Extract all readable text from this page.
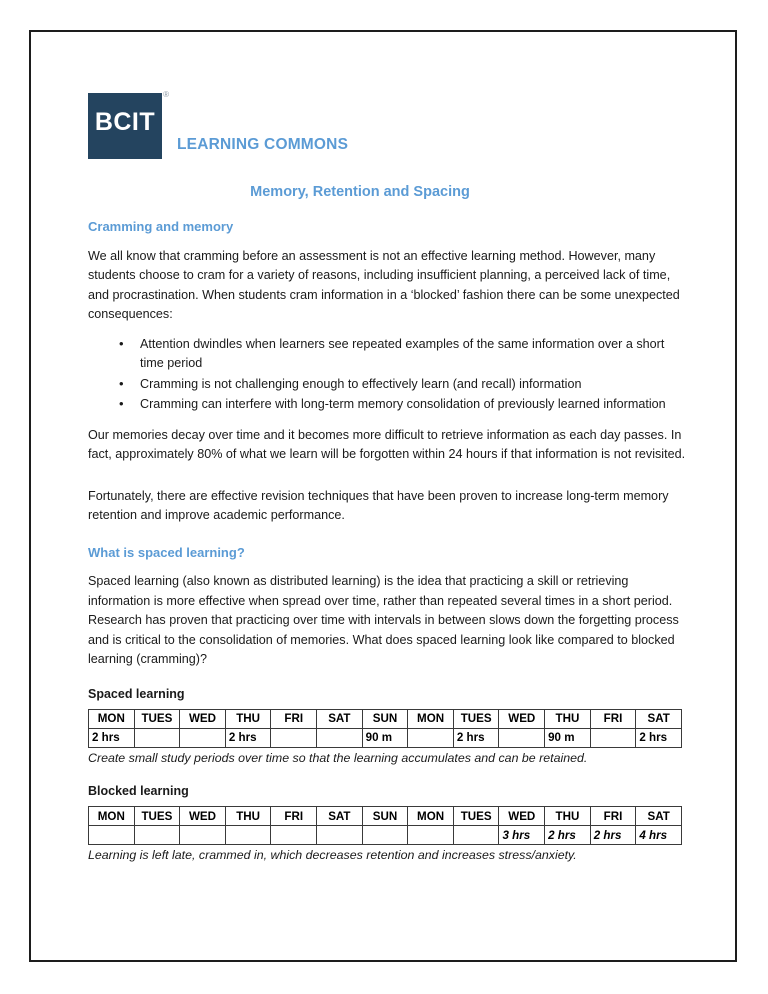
BCIT
®
LEARNING COMMONS
Memory, Retention and Spacing
Cramming and memory

We all know that cramming before an assessment is not an effective learning method. However, many students choose to cram for a variety of reasons, including insufficient planning, a perceived lack of time, and procrastination. When students cram information in a ‘blocked’ fashion there can be some unexpected consequences:

• Attention dwindles when learners see repeated examples of the same information over a short time period
• Cramming is not challenging enough to effectively learn (and recall) information
• Cramming can interfere with long-term memory consolidation of previously learned information

Our memories decay over time and it becomes more difficult to retrieve information as each day passes. In fact, approximately 80% of what we learn will be forgotten within 24 hours if that information is not revisited.

Fortunately, there are effective revision techniques that have been proven to increase long-term memory retention and improve academic performance.

What is spaced learning?

Spaced learning (also known as distributed learning) is the idea that practicing a skill or retrieving information is more effective when spread over time, rather than repeated several times in a short period. Research has proven that practicing over time with intervals in between slows down the forgetting process and is critical to the consolidation of memories. What does spaced learning look like compared to blocked learning (cramming)?

Spaced learning
MON	TUES	WED	THU	FRI	SAT	SUN	MON	TUES	WED	THU	FRI	SAT
2 hrs			2 hrs			90 m		2 hrs		90 m		2 hrs

Create small study periods over time so that the learning accumulates and can be retained.

Blocked learning
MON	TUES	WED	THU	FRI	SAT	SUN	MON	TUES	WED	THU	FRI	SAT
									3 hrs	2 hrs	2 hrs	4 hrs

Learning is left late, crammed in, which decreases retention and increases stress/anxiety.
